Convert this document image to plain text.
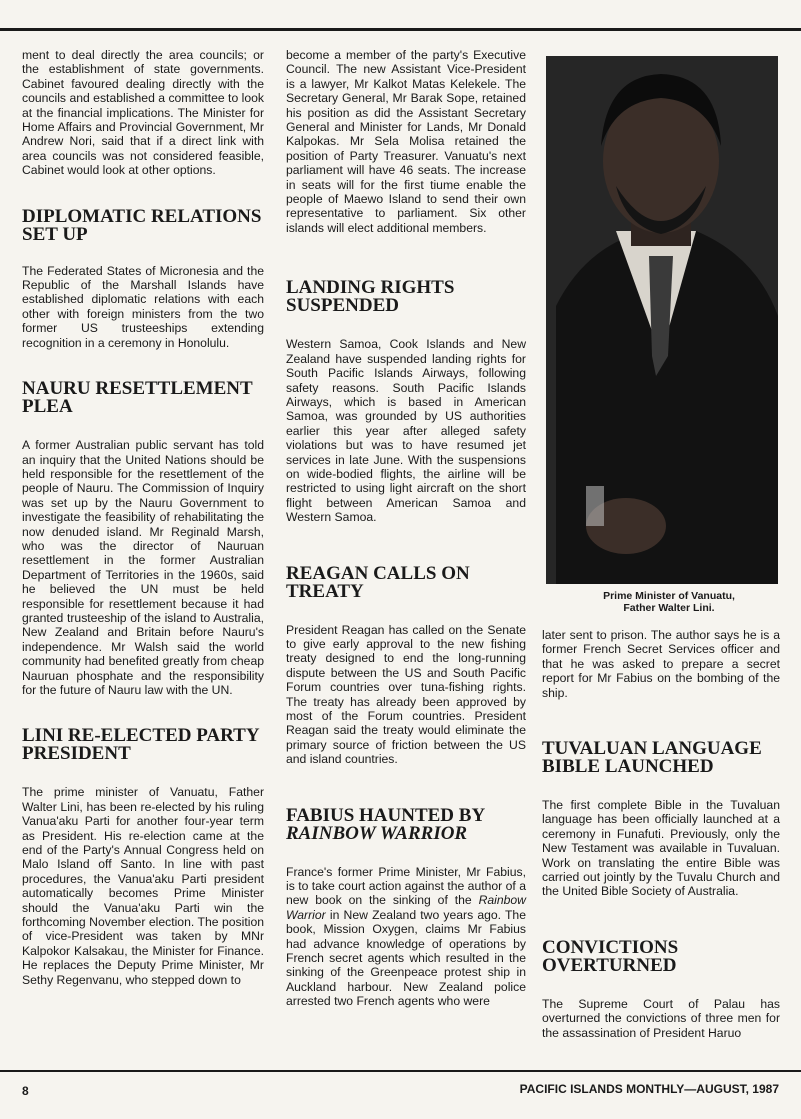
ment to deal directly the area councils; or the establishment of state governments. Cabinet favoured dealing directly with the councils and established a committee to look at the financial implications. The Minister for Home Affairs and Provincial Government, Mr Andrew Nori, said that if a direct link with area councils was not considered feasible, Cabinet would look at other options.

DIPLOMATIC RELATIONS SET UP

The Federated States of Micronesia and the Republic of the Marshall Islands have established diplomatic relations with each other with foreign ministers from the two former US trusteeships extending recognition in a ceremony in Honolulu.

NAURU RESETTLEMENT PLEA

A former Australian public servant has told an inquiry that the United Nations should be held responsible for the resettlement of the people of Nauru. The Commission of Inquiry was set up by the Nauru Government to investigate the feasibility of rehabilitating the now denuded island. Mr Reginald Marsh, who was the director of Nauruan resettlement in the former Australian Department of Territories in the 1960s, said he believed the UN must be held responsible for resettlement because it had granted trusteeship of the island to Australia, New Zealand and Britain before Nauru's independence. Mr Walsh said the world community had benefited greatly from cheap Nauruan phosphate and the responsibility for the future of Nauru law with the UN.

LINI RE-ELECTED PARTY PRESIDENT

The prime minister of Vanuatu, Father Walter Lini, has been re-elected by his ruling Vanua'aku Parti for another four-year term as President. His re-election came at the end of the Party's Annual Congress held on Malo Island off Santo. In line with past procedures, the Vanua'aku Parti president automatically becomes Prime Minister should the Vanua'aku Parti win the forthcoming November election. The position of vice-President was taken by MNr Kalpokor Kalsakau, the Minister for Finance. He replaces the Deputy Prime Minister, Mr Sethy Regenvanu, who stepped down to

become a member of the party's Executive Council. The new Assistant Vice-President is a lawyer, Mr Kalkot Matas Kelekele. The Secretary General, Mr Barak Sope, retained his position as did the Assistant Secretary General and Minister for Lands, Mr Donald Kalpokas. Mr Sela Molisa retained the position of Party Treasurer. Vanuatu's next parliament will have 46 seats. The increase in seats will for the first tiume enable the people of Maewo Island to send their own representative to parliament. Six other islands will elect additional members.

LANDING RIGHTS SUSPENDED

Western Samoa, Cook Islands and New Zealand have suspended landing rights for South Pacific Islands Airways, following safety reasons. South Pacific Islands Airways, which is based in American Samoa, was grounded by US authorities earlier this year after alleged safety violations but was to have resumed jet services in late June. With the suspensions on wide-bodied flights, the airline will be restricted to using light aircraft on the short flight between American Samoa and Western Samoa.

REAGAN CALLS ON TREATY

President Reagan has called on the Senate to give early approval to the new fishing treaty designed to end the long-running dispute between the US and South Pacific Forum countries over tuna-fishing rights. The treaty has already been approved by most of the Forum countries. President Reagan said the treaty would eliminate the primary source of friction between the US and island countries.

FABIUS HAUNTED BY
RAINBOW WARRIOR

France's former Prime Minister, Mr Fabius, is to take court action against the author of a new book on the sinking of the Rainbow Warrior in New Zealand two years ago. The book, Mission Oxygen, claims Mr Fabius had advance knowledge of operations by French secret agents which resulted in the sinking of the Greenpeace protest ship in Auckland harbour. New Zealand police arrested two French agents who were

Prime Minister of Vanuatu,
Father Walter Lini.

later sent to prison. The author says he is a former French Secret Services officer and that he was asked to prepare a secret report for Mr Fabius on the bombing of the ship.

TUVALUAN LANGUAGE BIBLE LAUNCHED

The first complete Bible in the Tuvaluan language has been officially launched at a ceremony in Funafuti. Previously, only the New Testament was available in Tuvaluan. Work on translating the entire Bible was carried out jointly by the Tuvalu Church and the United Bible Society of Australia.

CONVICTIONS OVERTURNED

The Supreme Court of Palau has overturned the convictions of three men for the assassination of President Haruo

8	PACIFIC ISLANDS MONTHLY—AUGUST, 1987
